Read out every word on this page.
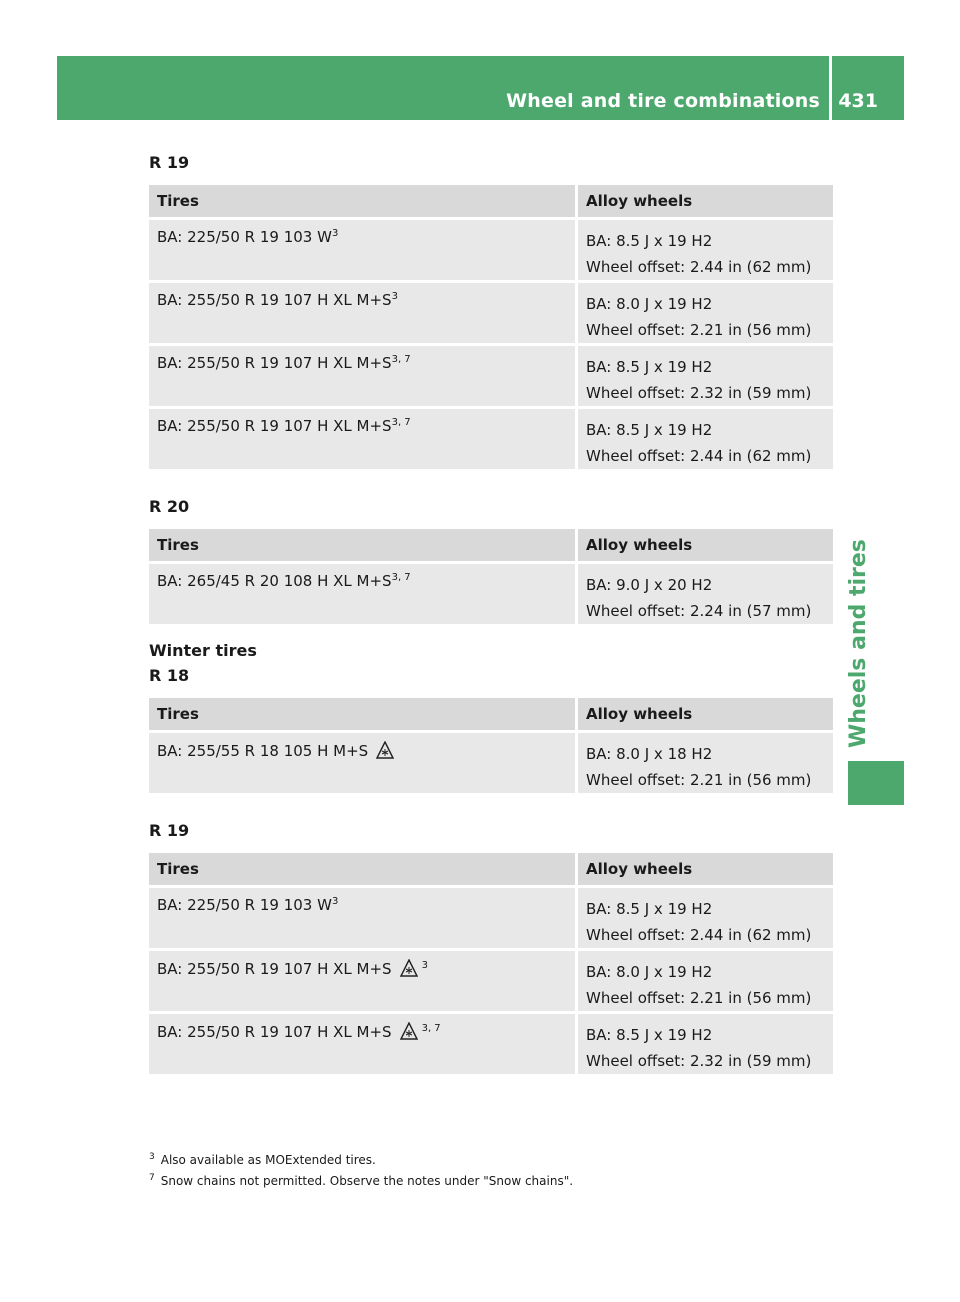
Wheel and tire combinations 431
Wheels and tires
R 19
Tires	Alloy wheels
BA: 225/50 R 19 103 $W^3$	BA: 8.5 J x 19 H2
Wheel offset: 2.44 in (62 mm)

BA: 255/50 R 19 107 H XL $M+S^3$	BA: 8.0 J x 19 H2
Wheel offset: 2.21 in (56 mm)

BA: 255/50 R 19 107 H XL $M+S^{3, 7}$	BA: 8.5 J x 19 H2
Wheel offset: 2.32 in (59 mm)

BA: 255/50 R 19 107 H XL $M+S^{3, 7}$	BA: 8.5 J x 19 H2
Wheel offset: 2.44 in (62 mm)
R 20
Tires	Alloy wheels
BA: 265/45 R 20 108 H XL $M+S^{3, 7}$	BA: 9.0 J x 20 H2
Wheel offset: 2.24 in (57 mm)
Winter tires
R 18
Tires	Alloy wheels
BA: 255/55 R 18 105 H M+S	BA: 8.0 J x 18 H2
Wheel offset: 2.21 in (56 mm)
R 19
Tires	Alloy wheels
BA: 225/50 R 19 103 $W^3$	BA: 8.5 J x 19 H2
Wheel offset: 2.44 in (62 mm)

BA: 255/50 R 19 107 H XL M+S $^3$	BA: 8.0 J x 19 H2
Wheel offset: 2.21 in (56 mm)

BA: 255/50 R 19 107 H XL M+S $^{3, 7}$	BA: 8.5 J x 19 H2
Wheel offset: 2.32 in (59 mm)
$^3$ Also available as MOExtended tires.
$^7$ Snow chains not permitted. Observe the notes under "Snow chains".
